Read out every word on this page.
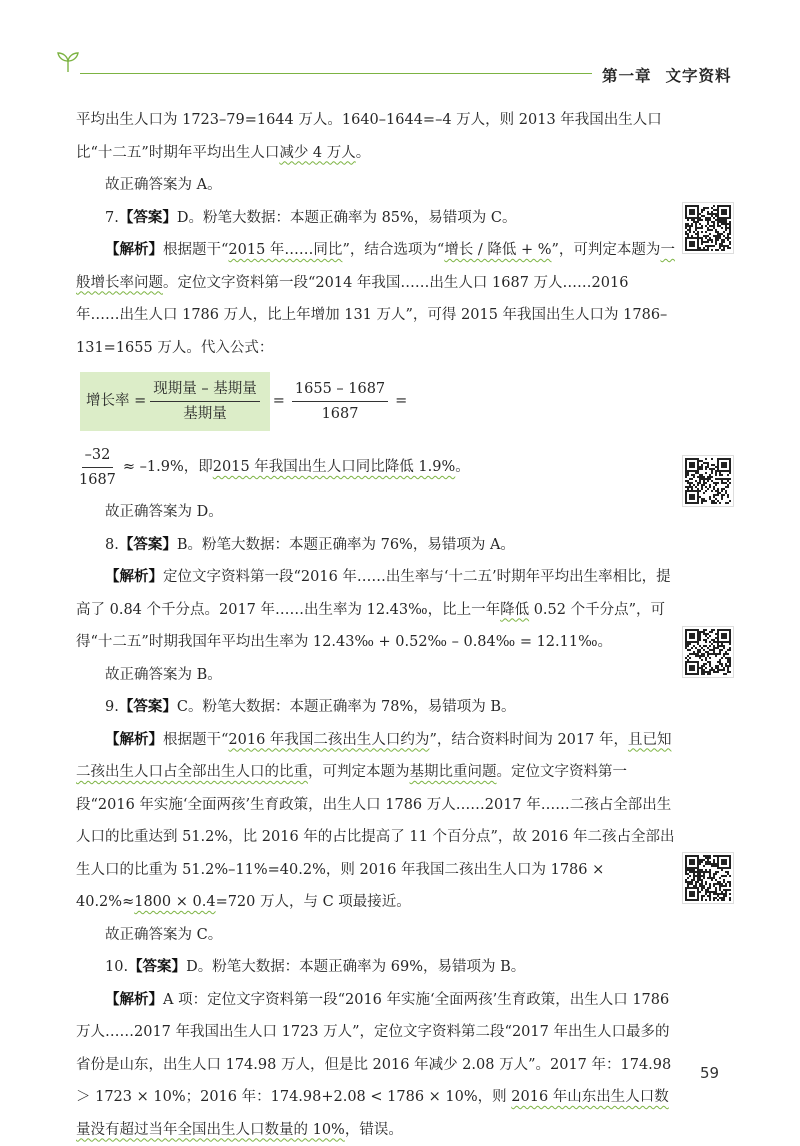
第一章 文字资料

平均出生人口为 1723–79=1644 万人。1640–1644=–4 万人，则 2013 年我国出生人口比“十二五”时期年平均出生人口减少 4 万人。

故正确答案为 A。

7.【答案】D。粉笔大数据：本题正确率为 85%，易错项为 C。

【解析】根据题干“2015 年……同比”，结合选项为“增长 / 降低 + %”，可判定本题为一般增长率问题。定位文字资料第一段“2014 年我国……出生人口 1687 万人……2016 年……出生人口 1786 万人，比上年增加 131 万人”，可得 2015 年我国出生人口为 1786–131=1655 万人。代入公式：

增长率 = $\frac{\text{现期量 – 基期量}}{\text{基期量}} = \frac{1655 - 1687}{1687}$ =
$\frac{-32}{1687} \approx -1.9\%$，即 2015 年我国出生人口同比降低 1.9% 。

故正确答案为 D。

8.【答案】B。粉笔大数据：本题正确率为 76%，易错项为 A。

【解析】定位文字资料第一段“2016 年……出生率与‘十二五’时期年平均出生率相比，提高了 0.84 个千分点。2017 年……出生率为 12.43‰，比上一年降低 0.52 个千分点”，可得“十二五”时期我国年平均出生率为 12.43‰ + 0.52‰ – 0.84‰ = 12.11‰。

故正确答案为 B。

9.【答案】C。粉笔大数据：本题正确率为 78%，易错项为 B。

【解析】根据题干“2016 年我国二孩出生人口约为”，结合资料时间为 2017 年，且已知二孩出生人口占全部出生人口的比重，可判定本题为基期比重问题。定位文字资料第一段“2016 年实施‘全面两孩’生育政策，出生人口 1786 万人……2017 年……二孩占全部出生人口的比重达到 51.2%，比 2016 年的占比提高了 11 个百分点”，故 2016 年二孩占全部出生人口的比重为 51.2%–11%=40.2%，则 2016 年我国二孩出生人口为 1786 × 40.2%≈1800 × 0.4=720 万人，与 C 项最接近。

故正确答案为 C。

10.【答案】D。粉笔大数据：本题正确率为 69%，易错项为 B。

【解析】A 项：定位文字资料第一段“2016 年实施‘全面两孩’生育政策，出生人口 1786 万人……2017 年我国出生人口 1723 万人”，定位文字资料第二段“2017 年出生人口最多的省份是山东，出生人口 174.98 万人，但是比 2016 年减少 2.08 万人”。2017 年：174.98 ＞ 1723 × 10%；2016 年：174.98+2.08 < 1786 × 10%，则 2016 年山东出生人口数量没有超过当年全国出生人口数量的 10%，错误。

59
